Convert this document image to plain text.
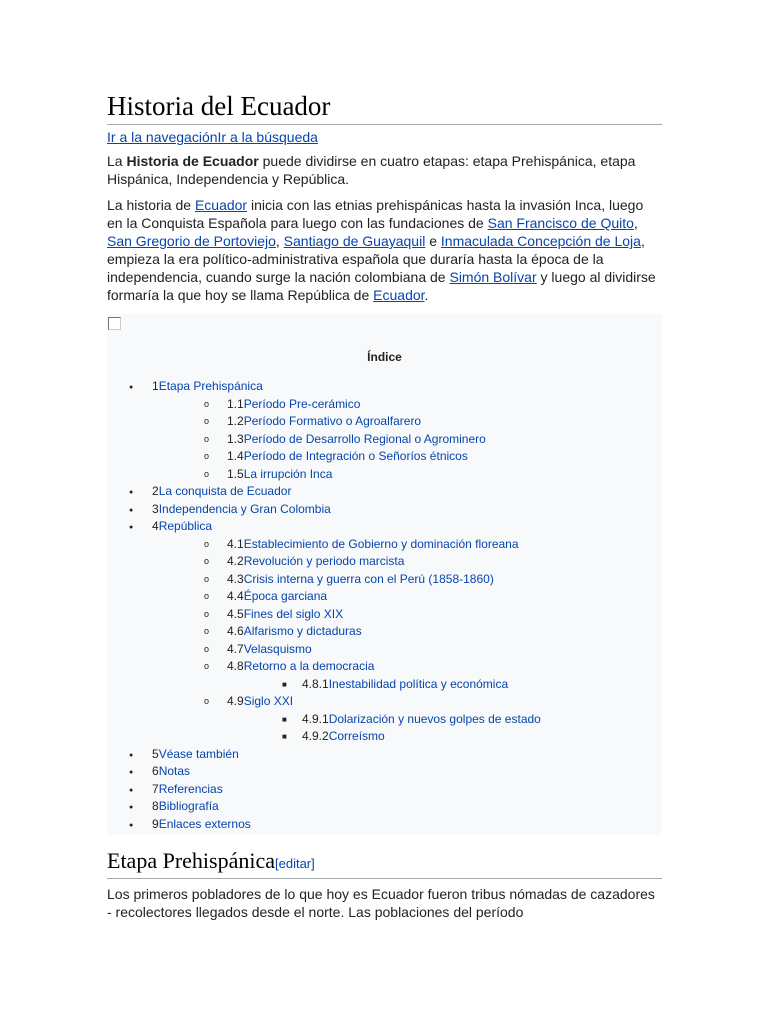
Historia del Ecuador
Ir a la navegaciónIr a la búsqueda

La Historia de Ecuador puede dividirse en cuatro etapas: etapa Prehispánica, etapa Hispánica, Independencia y República.

La historia de Ecuador inicia con las etnias prehispánicas hasta la invasión Inca, luego en la Conquista Española para luego con las fundaciones de San Francisco de Quito, San Gregorio de Portoviejo, Santiago de Guayaquil e Inmaculada Concepción de Loja, empieza la era político-administrativa española que duraría hasta la época de la independencia, cuando surge la nación colombiana de Simón Bolívar y luego al dividirse formaría la que hoy se llama República de Ecuador.

Índice
● 1Etapa Prehispánica
o 1.1Período Pre-cerámico
o 1.2Período Formativo o Agroalfarero
o 1.3Período de Desarrollo Regional o Agrominero
o 1.4Período de Integración o Señoríos étnicos
o 1.5La irrupción Inca
● 2La conquista de Ecuador
● 3Independencia y Gran Colombia
● 4República
o 4.1Establecimiento de Gobierno y dominación floreana
o 4.2Revolución y periodo marcista
o 4.3Crisis interna y guerra con el Perú (1858-1860)
o 4.4Época garciana
o 4.5Fines del siglo XIX
o 4.6Alfarismo y dictaduras
o 4.7Velasquismo
o 4.8Retorno a la democracia
■ 4.8.1Inestabilidad política y económica
o 4.9Siglo XXI
■ 4.9.1Dolarización y nuevos golpes de estado
■ 4.9.2Correísmo
● 5Véase también
● 6Notas
● 7Referencias
● 8Bibliografía
● 9Enlaces externos
Etapa Prehispánica[editar]

Los primeros pobladores de lo que hoy es Ecuador fueron tribus nómadas de cazadores - recolectores llegados desde el norte. Las poblaciones del período
